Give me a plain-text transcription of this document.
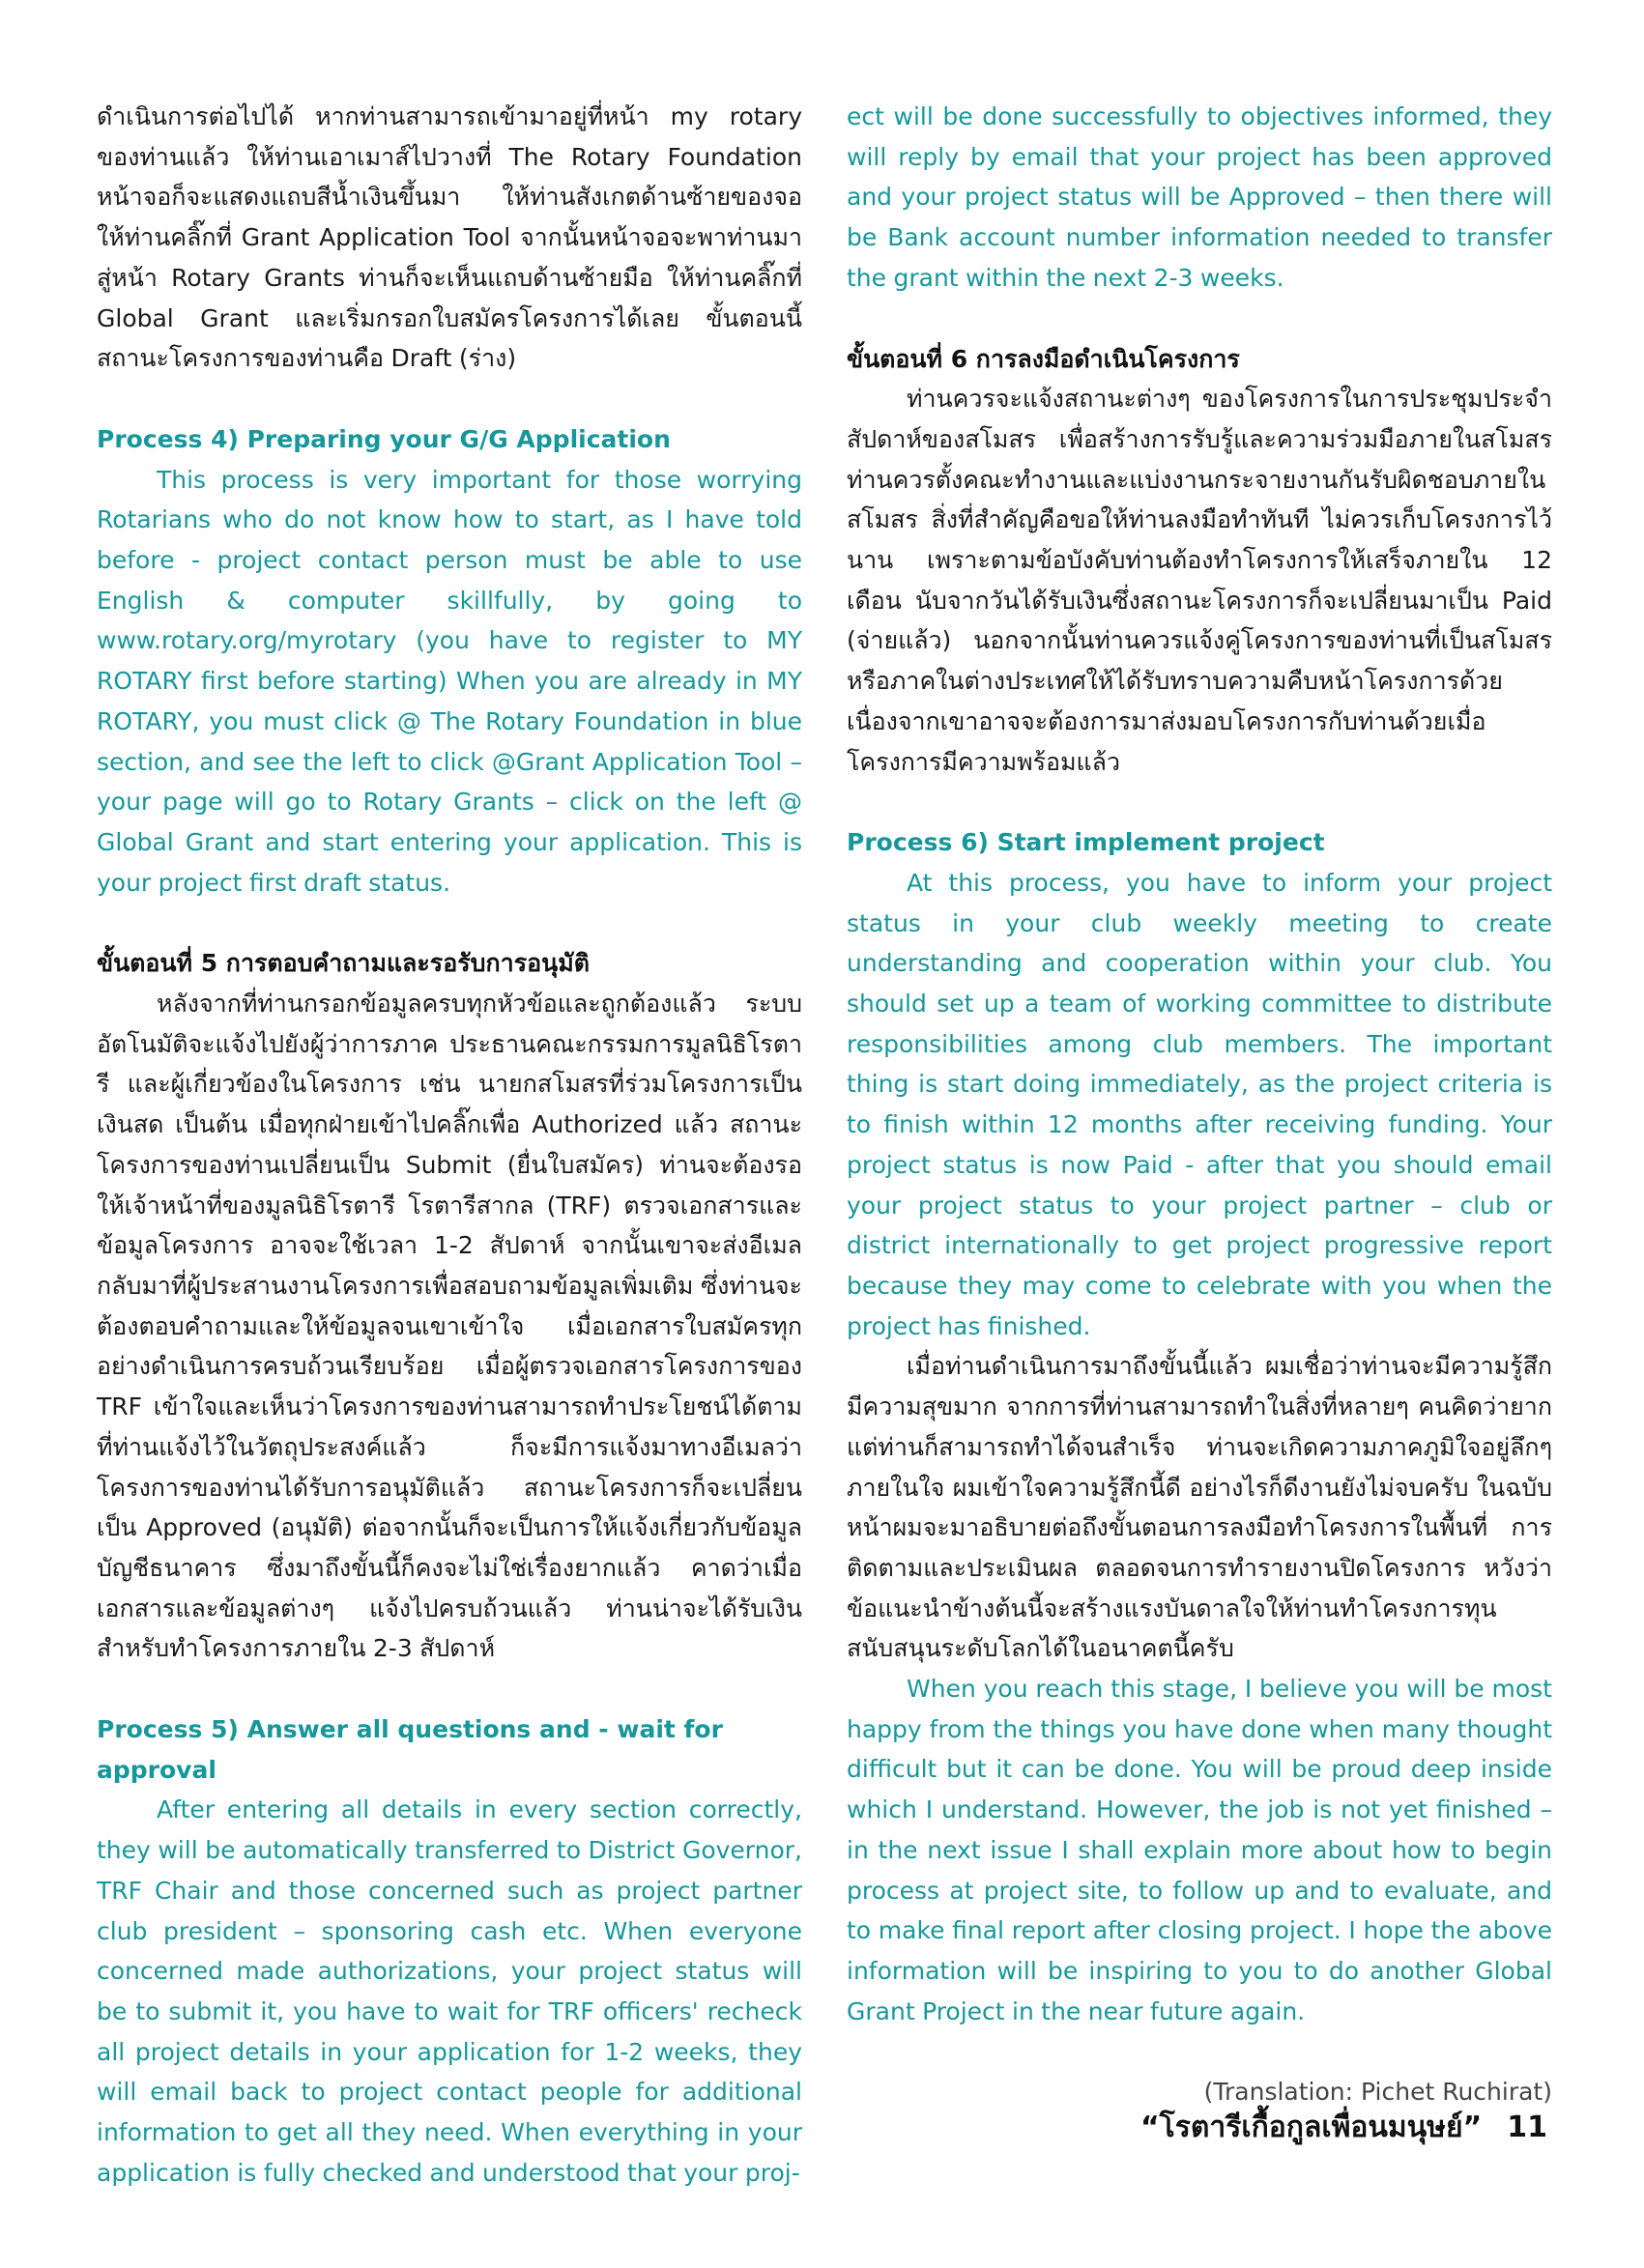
ดำเนินการต่อไปได้ หากท่านสามารถเข้ามาอยู่ที่หน้า my rotary ของท่านแล้ว ให้ท่านเอาเมาส์ไปวางที่ The Rotary Foundation หน้าจอก็จะแสดงแถบสีน้ำเงินขึ้นมา ให้ท่านสังเกตด้านซ้ายของจอ ให้ท่านคลิ๊กที่ Grant Application Tool จากนั้นหน้าจอจะพาท่านมาสู่หน้า Rotary Grants ท่านก็จะเห็นแถบด้านซ้ายมือ ให้ท่านคลิ๊กที่ Global Grant และเริ่มกรอกใบสมัครโครงการได้เลย ขั้นตอนนี้สถานะโครงการของท่านคือ Draft (ร่าง)

Process 4) Preparing your G/G Application

This process is very important for those worrying Rotarians who do not know how to start, as I have told before - project contact person must be able to use English & computer skillfully, by going to www.rotary.org/myrotary (you have to register to MY ROTARY first before starting) When you are already in MY ROTARY, you must click @ The Rotary Foundation in blue section, and see the left to click @Grant Application Tool – your page will go to Rotary Grants – click on the left @ Global Grant and start entering your application. This is your project first draft status.

ขั้นตอนที่ 5 การตอบคำถามและรอรับการอนุมัติ

หลังจากที่ท่านกรอกข้อมูลครบทุกหัวข้อและถูกต้องแล้ว ระบบอัตโนมัติจะแจ้งไปยังผู้ว่าการภาค ประธานคณะกรรมการมูลนิธิโรตารี และผู้เกี่ยวข้องในโครงการ เช่น นายกสโมสรที่ร่วมโครงการเป็นเงินสด เป็นต้น เมื่อทุกฝ่ายเข้าไปคลิ๊กเพื่อ Authorized แล้ว สถานะโครงการของท่านเปลี่ยนเป็น Submit (ยื่นใบสมัคร) ท่านจะต้องรอให้เจ้าหน้าที่ของมูลนิธิโรตารี โรตารีสากล (TRF) ตรวจเอกสารและข้อมูลโครงการ อาจจะใช้เวลา 1-2 สัปดาห์ จากนั้นเขาจะส่งอีเมลกลับมาที่ผู้ประสานงานโครงการเพื่อสอบถามข้อมูลเพิ่มเติม ซึ่งท่านจะต้องตอบคำถามและให้ข้อมูลจนเขาเข้าใจ เมื่อเอกสารใบสมัครทุกอย่างดำเนินการครบถ้วนเรียบร้อย เมื่อผู้ตรวจเอกสารโครงการของ TRF เข้าใจและเห็นว่าโครงการของท่านสามารถทำประโยชน์ได้ตามที่ท่านแจ้งไว้ในวัตถุประสงค์แล้ว ก็จะมีการแจ้งมาทางอีเมลว่าโครงการของท่านได้รับการอนุมัติแล้ว สถานะโครงการก็จะเปลี่ยนเป็น Approved (อนุมัติ) ต่อจากนั้นก็จะเป็นการให้แจ้งเกี่ยวกับข้อมูลบัญชีธนาคาร ซึ่งมาถึงขั้นนี้ก็คงจะไม่ใช่เรื่องยากแล้ว คาดว่าเมื่อเอกสารและข้อมูลต่างๆ แจ้งไปครบถ้วนแล้ว ท่านน่าจะได้รับเงินสำหรับทำโครงการภายใน 2-3 สัปดาห์

Process 5) Answer all questions and - wait for approval

After entering all details in every section correctly, they will be automatically transferred to District Governor, TRF Chair and those concerned such as project partner club president – sponsoring cash etc. When everyone concerned made authorizations, your project status will be to submit it, you have to wait for TRF officers' recheck all project details in your application for 1-2 weeks, they will email back to project contact people for additional information to get all they need. When everything in your application is fully checked and understood that your proj-

ect will be done successfully to objectives informed, they will reply by email that your project has been approved and your project status will be Approved – then there will be Bank account number information needed to transfer the grant within the next 2-3 weeks.

ขั้นตอนที่ 6 การลงมือดำเนินโครงการ

ท่านควรจะแจ้งสถานะต่างๆ ของโครงการในการประชุมประจำสัปดาห์ของสโมสร เพื่อสร้างการรับรู้และความร่วมมือภายในสโมสร ท่านควรตั้งคณะทำงานและแบ่งงานกระจายงานกันรับผิดชอบภายในสโมสร สิ่งที่สำคัญคือขอให้ท่านลงมือทำทันที ไม่ควรเก็บโครงการไว้นาน เพราะตามข้อบังคับท่านต้องทำโครงการให้เสร็จภายใน 12 เดือน นับจากวันได้รับเงินซึ่งสถานะโครงการก็จะเปลี่ยนมาเป็น Paid (จ่ายแล้ว) นอกจากนั้นท่านควรแจ้งคู่โครงการของท่านที่เป็นสโมสรหรือภาคในต่างประเทศให้ได้รับทราบความคืบหน้าโครงการด้วย เนื่องจากเขาอาจจะต้องการมาส่งมอบโครงการกับท่านด้วยเมื่อโครงการมีความพร้อมแล้ว

Process 6) Start implement project

At this process, you have to inform your project status in your club weekly meeting to create understanding and cooperation within your club. You should set up a team of working committee to distribute responsibilities among club members. The important thing is start doing immediately, as the project criteria is to finish within 12 months after receiving funding. Your project status is now Paid - after that you should email your project status to your project partner – club or district internationally to get project progressive report because they may come to celebrate with you when the project has finished.

เมื่อท่านดำเนินการมาถึงขั้นนี้แล้ว ผมเชื่อว่าท่านจะมีความรู้สึกมีความสุขมาก จากการที่ท่านสามารถทำในสิ่งที่หลายๆ คนคิดว่ายากแต่ท่านก็สามารถทำได้จนสำเร็จ ท่านจะเกิดความภาคภูมิใจอยู่ลึกๆ ภายในใจ ผมเข้าใจความรู้สึกนี้ดี อย่างไรก็ดีงานยังไม่จบครับ ในฉบับหน้าผมจะมาอธิบายต่อถึงขั้นตอนการลงมือทำโครงการในพื้นที่ การติดตามและประเมินผล ตลอดจนการทำรายงานปิดโครงการ หวังว่าข้อแนะนำข้างต้นนี้จะสร้างแรงบันดาลใจให้ท่านทำโครงการทุนสนับสนุนระดับโลกได้ในอนาคตนี้ครับ

When you reach this stage, I believe you will be most happy from the things you have done when many thought difficult but it can be done. You will be proud deep inside which I understand. However, the job is not yet finished – in the next issue I shall explain more about how to begin process at project site, to follow up and to evaluate, and to make final report after closing project. I hope the above information will be inspiring to you to do another Global Grant Project in the near future again.

(Translation: Pichet Ruchirat)

“โรตารีเกื้อกูลเพื่อนมนุษย์” 11
